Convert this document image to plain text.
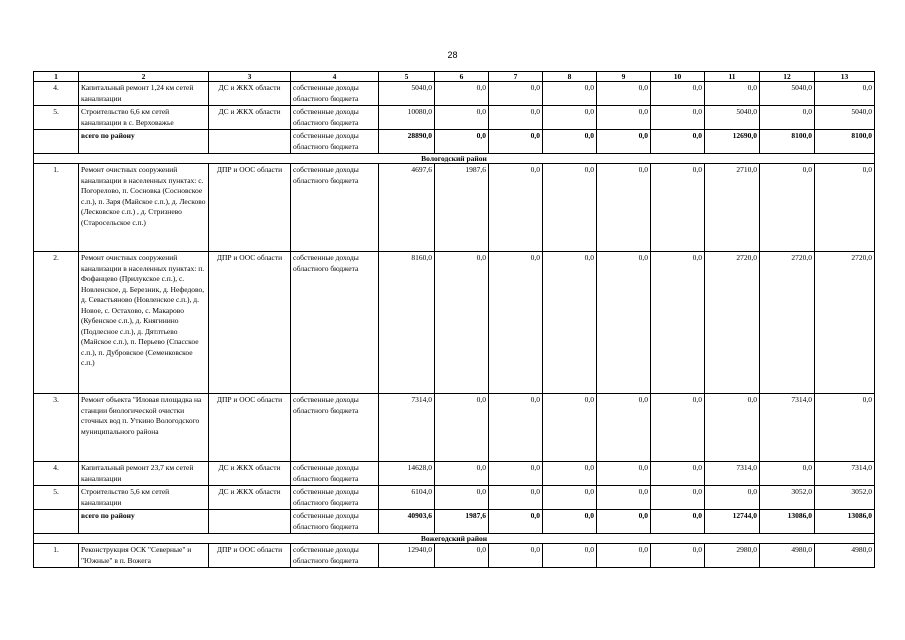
28
1	2	3	4	5	6	7	8	9	10	11	12	13
4.	Капитальный ремонт 1,24 км сетей канализации	ДС и ЖКХ области	собственные доходы областного бюджета	5040,0	0,0	0,0	0,0	0,0	0,0	0,0	5040,0	0,0
5.	Строительство 6,6 км сетей канализации в с. Верховажье	ДС и ЖКХ области	собственные доходы областного бюджета	10080,0	0,0	0,0	0,0	0,0	0,0	5040,0	0,0	5040,0
	всего по району		собственные доходы областного бюджета	28890,0	0,0	0,0	0,0	0,0	0,0	12690,0	8100,0	8100,0
Вологодский район												
1.	Ремонт очистных сооружений канализации в населенных пунктах: с. Погорелово, п. Сосновка (Сосновское с.п.), п. Заря (Майское с.п.), д. Лесково (Лесковское с.п.) , д. Стризнево (Старосельское с.п.)	ДПР и ООС области	собственные доходы областного бюджета	4697,6	1987,6	0,0	0,0	0,0	0,0	2710,0	0,0	0,0
2.	Ремонт очистных сооружений канализации в населенных пунктах: п. Фофанцево (Прилукское с.п.), с. Новленское, д. Березник, д. Нефедово, д. Севастьяново (Новленское с.п.), д. Новое, с. Остахово, с. Макарово (Кубенское с.п.), д. Княгинино (Подлесное с.п.), д. Дятлтьево (Майское с.п.), п. Перьево (Спасское с.п.), п. Дубровское (Семенковское с.п.)	ДПР и ООС области	собственные доходы областного бюджета	8160,0	0,0	0,0	0,0	0,0	0,0	2720,0	2720,0	2720,0
3.	Ремонт объекта "Иловая площадка на станции биологической очистки сточных вод п. Уткино Вологодского муниципального района	ДПР и ООС области	собственные доходы областного бюджета	7314,0	0,0	0,0	0,0	0,0	0,0	0,0	7314,0	0,0
4.	Капитальный ремонт 23,7 км сетей канализации	ДС и ЖКХ области	собственные доходы областного бюджета	14628,0	0,0	0,0	0,0	0,0	0,0	7314,0	0,0	7314,0
5.	Строительство 5,6 км сетей канализации	ДС и ЖКХ области	собственные доходы областного бюджета	6104,0	0,0	0,0	0,0	0,0	0,0	0,0	3052,0	3052,0
	всего по району		собственные доходы областного бюджета	40903,6	1987,6	0,0	0,0	0,0	0,0	12744,0	13086,0	13086,0
Вожегодский район												
1.	Реконструкция ОСК "Северные" и "Южные" в п. Вожега	ДПР и ООС области	собственные доходы областного бюджета	12940,0	0,0	0,0	0,0	0,0	0,0	2980,0	4980,0	4980,0
